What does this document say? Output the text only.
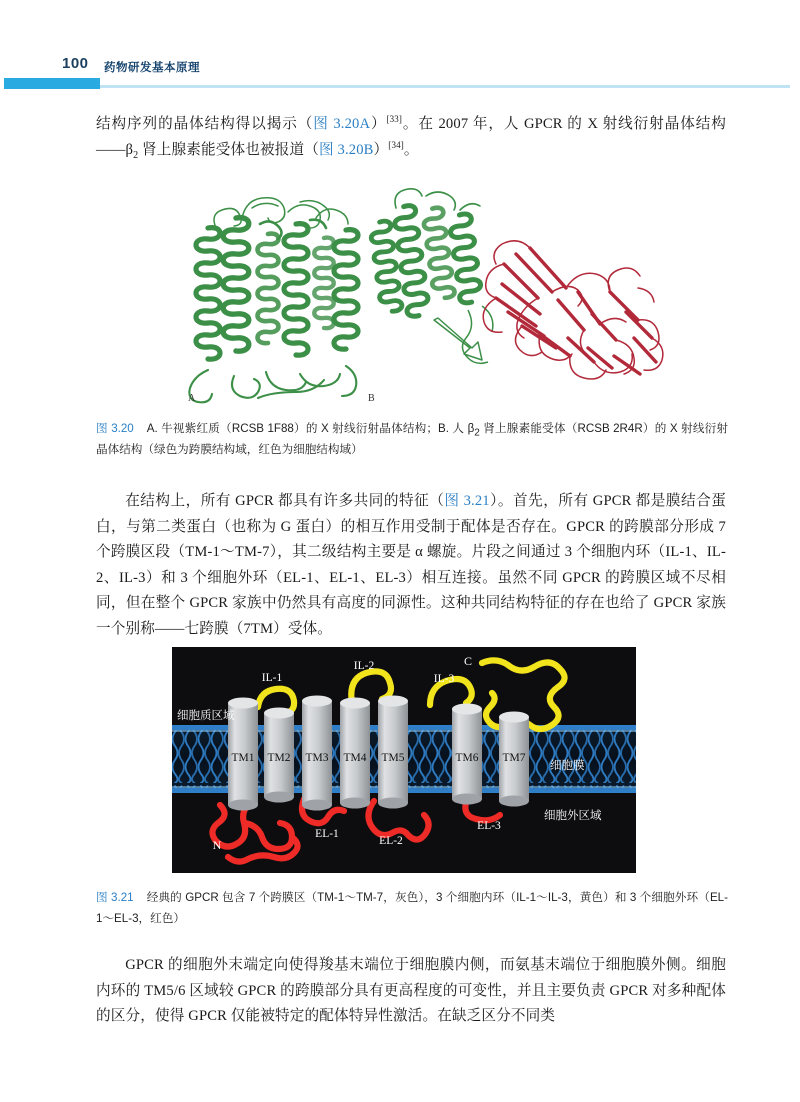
100 药物研发基本原理

结构序列的晶体结构得以揭示（图 3.20A）[33]。在 2007 年，人 GPCR 的 X 射线衍射晶体结构$——\beta_2$ 肾上腺素能受体也被报道（图 3.20B）[34]。

A	B
图 3.20 A. 牛视紫红质（RCSB 1F88）的 X 射线衍射晶体结构；B. 人 β2 肾上腺素能受体（RCSB 2R4R）的 X 射线衍射晶体结构（绿色为跨膜结构域，红色为细胞结构域）

在结构上，所有 GPCR 都具有许多共同的特征（图 3.21）。首先，所有 GPCR 都是膜结合蛋白，与第二类蛋白（也称为 G 蛋白）的相互作用受制于配体是否存在。GPCR 的跨膜部分形成 7 个跨膜区段（TM-1～TM-7），其二级结构主要是 α 螺旋。片段之间通过 3 个细胞内环（IL-1、IL-2、IL-3）和 3 个细胞外环（EL-1、EL-1、EL-3）相互连接。虽然不同 GPCR 的跨膜区域不尽相同，但在整个 GPCR 家族中仍然具有高度的同源性。这种共同结构特征的存在也给了 GPCR 家族一个别称——七跨膜（7TM）受体。

TM1 TM2 TM3 TM4 TM5	TM6 TM7
IL-1
IL-2
IL-3
EL-1
EL-2
EL-3
N
C
细胞质区域
细胞膜
细胞外区域
图 3.21 经典的 GPCR 包含 7 个跨膜区（TM-1～TM-7，灰色），3 个细胞内环（IL-1～IL-3，黄色）和 3 个细胞外环（EL-1～EL-3，红色）

GPCR 的细胞外末端定向使得羧基末端位于细胞膜内侧，而氨基末端位于细胞膜外侧。细胞内环的 TM5/6 区域较 GPCR 的跨膜部分具有更高程度的可变性，并且主要负责 GPCR 对多种配体的区分，使得 GPCR 仅能被特定的配体特异性激活。在缺乏区分不同类
